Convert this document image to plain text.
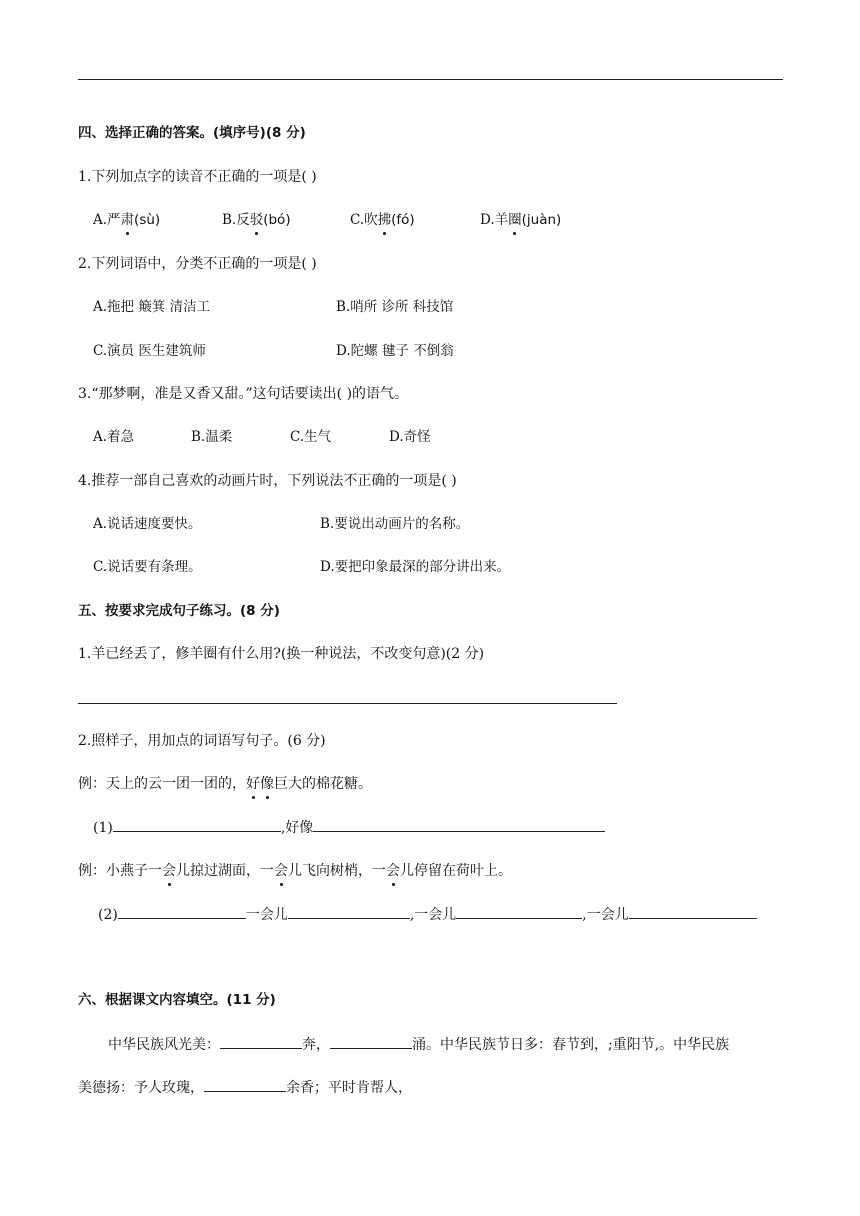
四、选择正确的答案。(填序号)(8 分)
1.下列加点字的读音不正确的一项是( )
A.严肃(sù)	B.反驳(bó)	C.吹拂(fó)	D.羊圈(juàn)
2.下列词语中，分类不正确的一项是( )
A.拖把 簸箕 清洁工	B.哨所 诊所 科技馆
C.演员 医生建筑师	D.陀螺 毽子 不倒翁
3.“那梦啊，准是又香又甜。”这句话要读出( )的语气。
A.着急	B.温柔	C.生气	D.奇怪
4.推荐一部自己喜欢的动画片时，下列说法不正确的一项是( )
A.说话速度要快。	B.要说出动画片的名称。
C.说话要有条理。	D.要把印象最深的部分讲出来。
五、按要求完成句子练习。(8 分)
1.羊已经丢了，修羊圈有什么用?(换一种说法，不改变句意)(2 分)
2.照样子，用加点的词语写句子。(6 分)
例：天上的云一团一团的，好像巨大的棉花糖。
(1)	,好像
例：小燕子一会儿掠过湖面，一会儿飞向树梢，一会儿停留在荷叶上。
(2)	一会儿	,一会儿	,一会儿
六、根据课文内容填空。(11 分)
中华民族风光美：	奔，	涌。中华民族节日多：春节到，;重阳节,。中华民族
美德扬：予人玫瑰，	余香；平时肯帮人，
